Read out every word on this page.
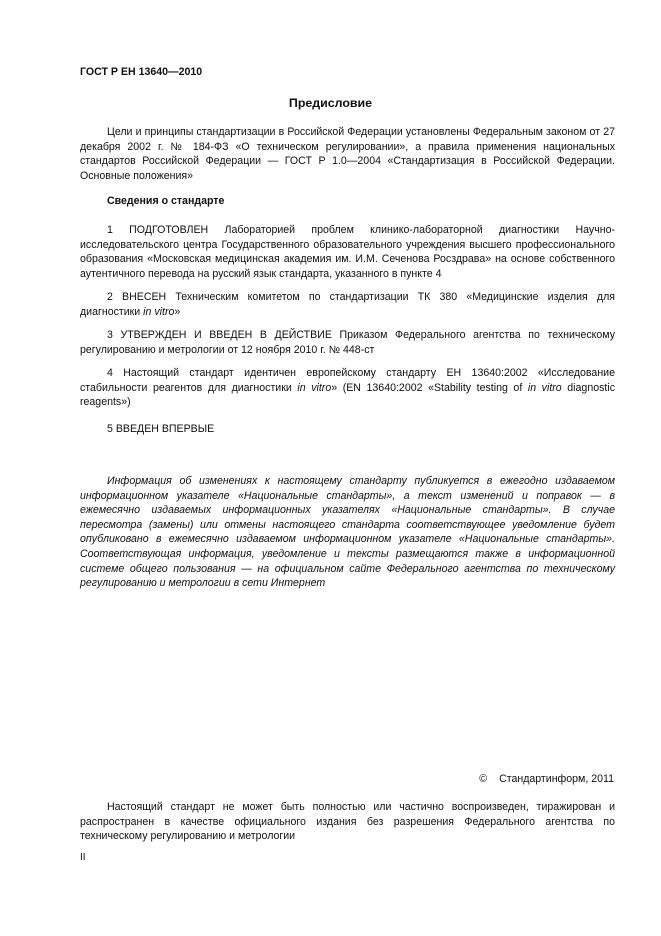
ГОСТ Р ЕН 13640—2010
Предисловие
Цели и принципы стандартизации в Российской Федерации установлены Федеральным законом от 27 декабря 2002 г. № 184-ФЗ «О техническом регулировании», а правила применения национальных стандартов Российской Федерации — ГОСТ Р 1.0—2004 «Стандартизация в Российской Федерации. Основные положения»
Сведения о стандарте
1 ПОДГОТОВЛЕН Лабораторией проблем клинико-лабораторной диагностики Научно-исследовательского центра Государственного образовательного учреждения высшего профессионального образования «Московская медицинская академия им. И.М. Сеченова Росздрава» на основе собственного аутентичного перевода на русский язык стандарта, указанного в пункте 4
2 ВНЕСЕН Техническим комитетом по стандартизации ТК 380 «Медицинские изделия для диагностики in vitro»
3 УТВЕРЖДЕН И ВВЕДЕН В ДЕЙСТВИЕ Приказом Федерального агентства по техническому регулированию и метрологии от 12 ноября 2010 г. № 448-ст
4 Настоящий стандарт идентичен европейскому стандарту ЕН 13640:2002 «Исследование стабильности реагентов для диагностики in vitro» (EN 13640:2002 «Stability testing of in vitro diagnostic reagents»)
5 ВВЕДЕН ВПЕРВЫЕ
Информация об изменениях к настоящему стандарту публикуется в ежегодно издаваемом информационном указателе «Национальные стандарты», а текст изменений и поправок — в ежемесячно издаваемых информационных указателях «Национальные стандарты». В случае пересмотра (замены) или отмены настоящего стандарта соответствующее уведомление будет опубликовано в ежемесячно издаваемом информационном указателе «Национальные стандарты». Соответствующая информация, уведомление и тексты размещаются также в информационной системе общего пользования — на официальном сайте Федерального агентства по техническому регулированию и метрологии в сети Интернет
© Стандартинформ, 2011
Настоящий стандарт не может быть полностью или частично воспроизведен, тиражирован и распространен в качестве официального издания без разрешения Федерального агентства по техническому регулированию и метрологии
II
